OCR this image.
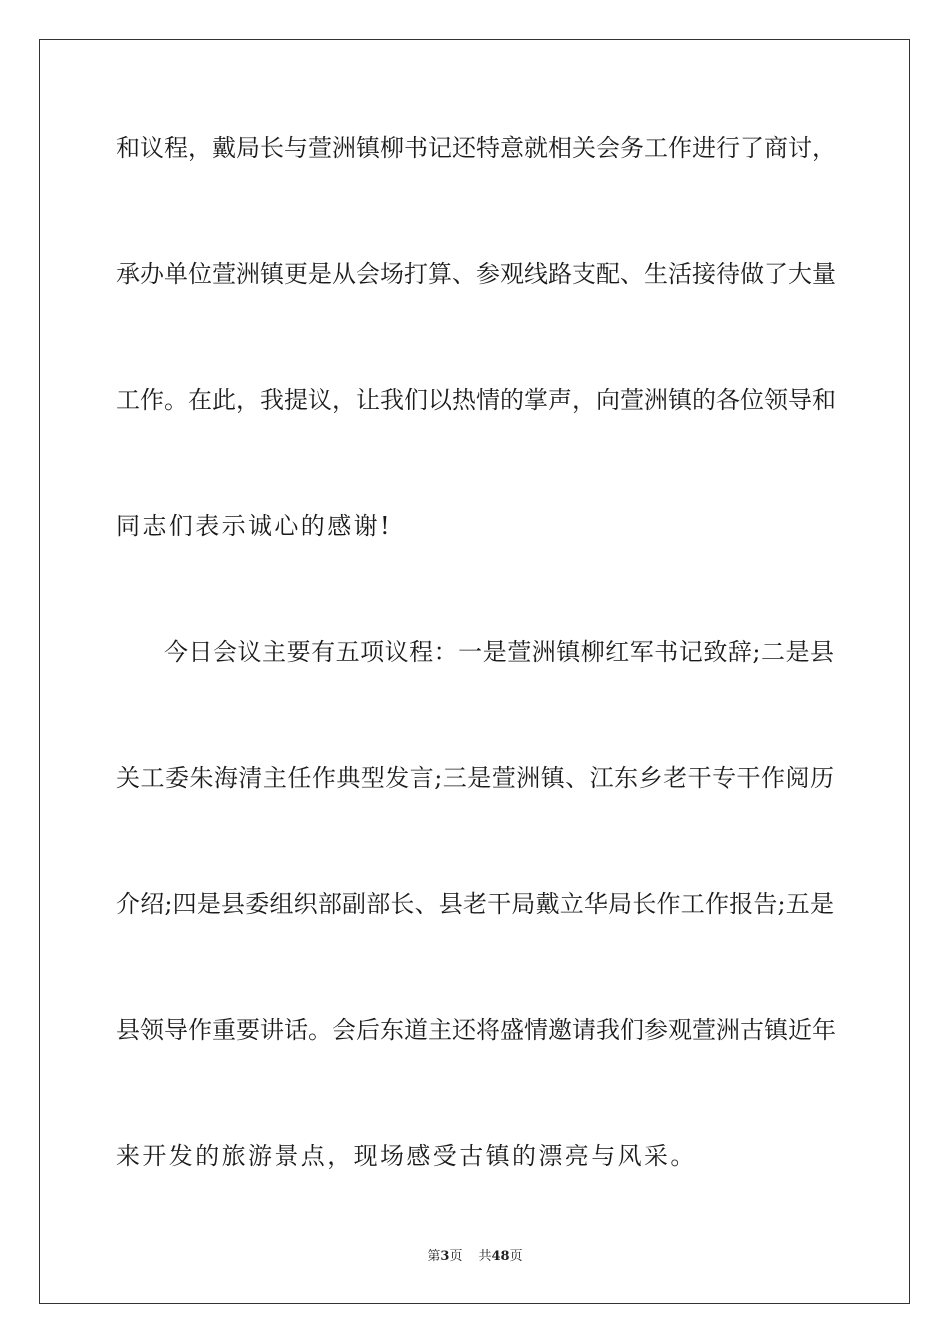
和议程，戴局长与萱洲镇柳书记还特意就相关会务工作进行了商讨，
承办单位萱洲镇更是从会场打算、参观线路支配、生活接待做了大量
工作。在此，我提议，让我们以热情的掌声，向萱洲镇的各位领导和
同志们表示诚心的感谢!
今日会议主要有五项议程：一是萱洲镇柳红军书记致辞;二是县
关工委朱海清主任作典型发言;三是萱洲镇、江东乡老干专干作阅历
介绍;四是县委组织部副部长、县老干局戴立华局长作工作报告;五是
县领导作重要讲话。会后东道主还将盛情邀请我们参观萱洲古镇近年
来开发的旅游景点，现场感受古镇的漂亮与风采。
第3页 共48页
